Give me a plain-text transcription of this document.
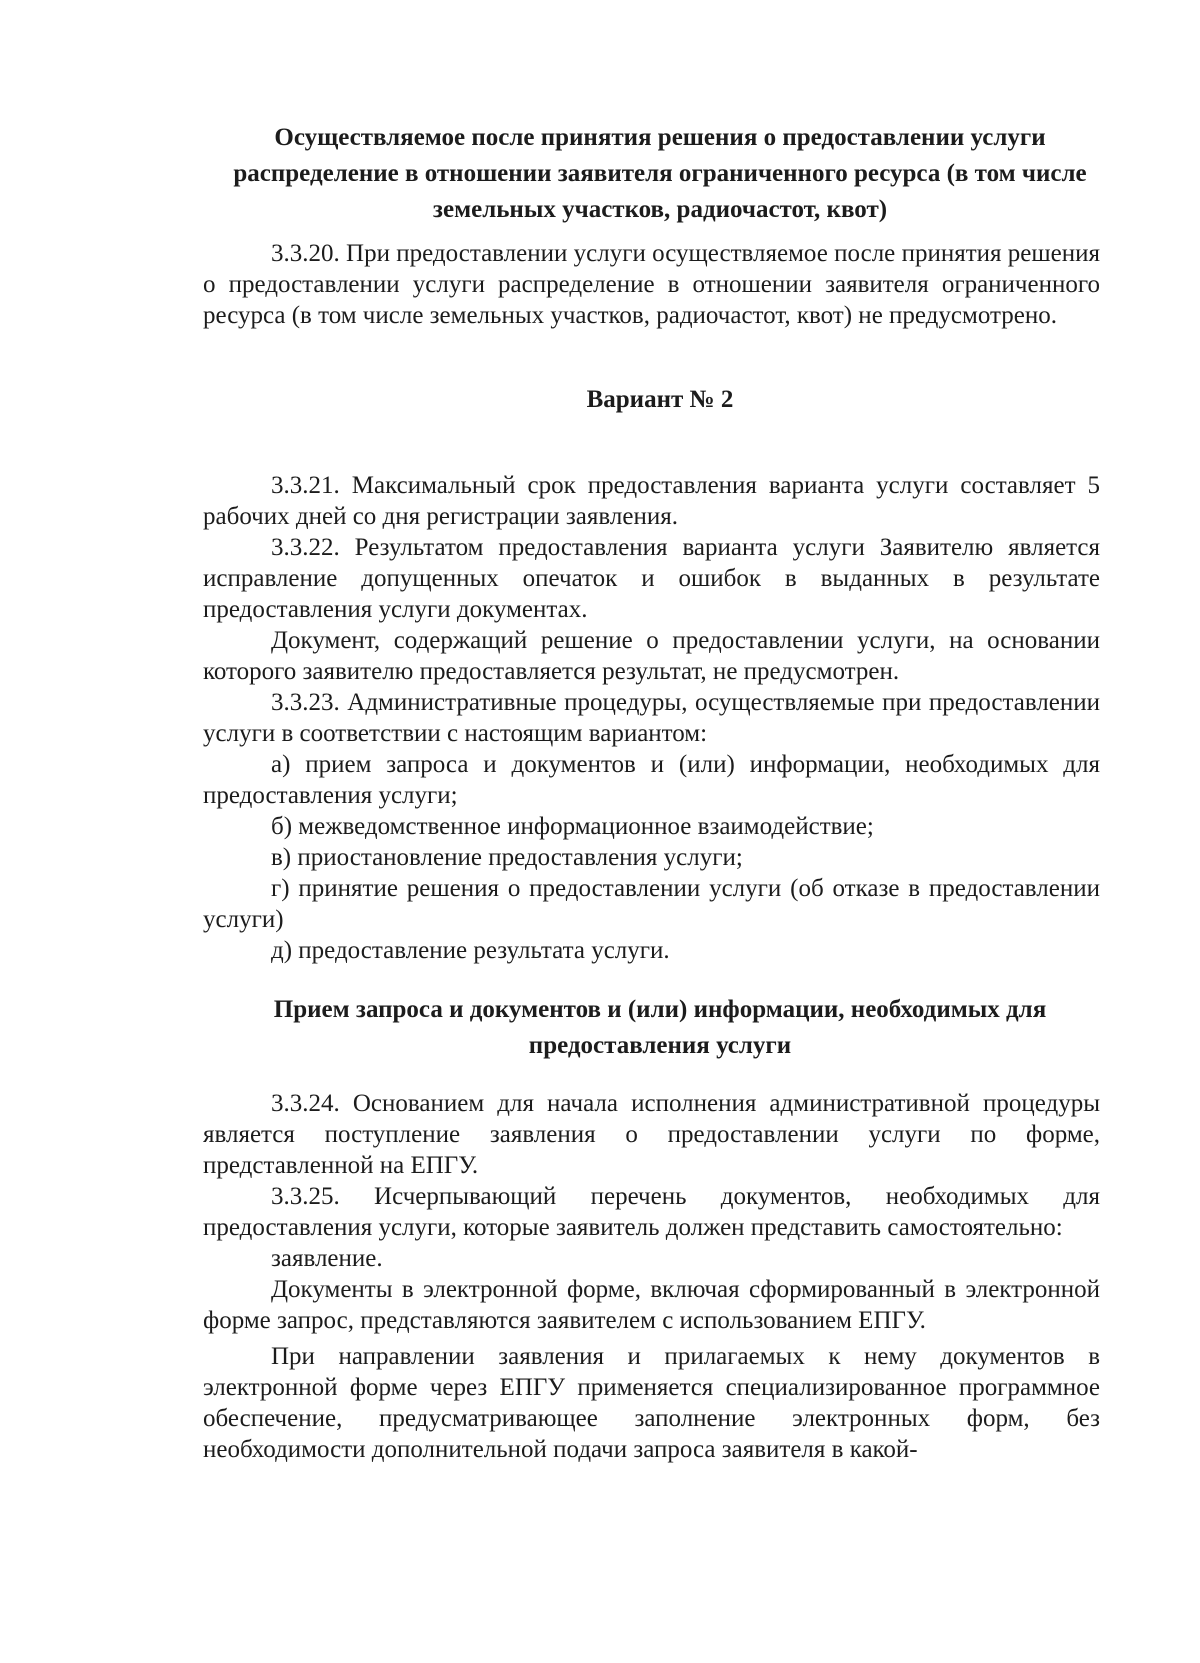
Осуществляемое после принятия решения о предоставлении услуги распределение в отношении заявителя ограниченного ресурса (в том числе земельных участков, радиочастот, квот)

3.3.20. При предоставлении услуги осуществляемое после принятия решения о предоставлении услуги распределение в отношении заявителя ограниченного ресурса (в том числе земельных участков, радиочастот, квот) не предусмотрено.

Вариант № 2

3.3.21. Максимальный срок предоставления варианта услуги составляет 5 рабочих дней со дня регистрации заявления.

3.3.22. Результатом предоставления варианта услуги Заявителю является исправление допущенных опечаток и ошибок в выданных в результате предоставления услуги документах.

Документ, содержащий решение о предоставлении услуги, на основании которого заявителю предоставляется результат, не предусмотрен.

3.3.23. Административные процедуры, осуществляемые при предоставлении услуги в соответствии с настоящим вариантом:

а) прием запроса и документов и (или) информации, необходимых для предоставления услуги;

б) межведомственное информационное взаимодействие;

в) приостановление предоставления услуги;

г) принятие решения о предоставлении услуги (об отказе в предоставлении услуги)

д) предоставление результата услуги.

Прием запроса и документов и (или) информации, необходимых для предоставления услуги

3.3.24. Основанием для начала исполнения административной процедуры является поступление заявления о предоставлении услуги по форме, представленной на ЕПГУ.

3.3.25. Исчерпывающий перечень документов, необходимых для предоставления услуги, которые заявитель должен представить самостоятельно:

заявление.

Документы в электронной форме, включая сформированный в электронной форме запрос, представляются заявителем с использованием ЕПГУ.

При направлении заявления и прилагаемых к нему документов в электронной форме через ЕПГУ применяется специализированное программное обеспечение, предусматривающее заполнение электронных форм, без необходимости дополнительной подачи запроса заявителя в какой-
